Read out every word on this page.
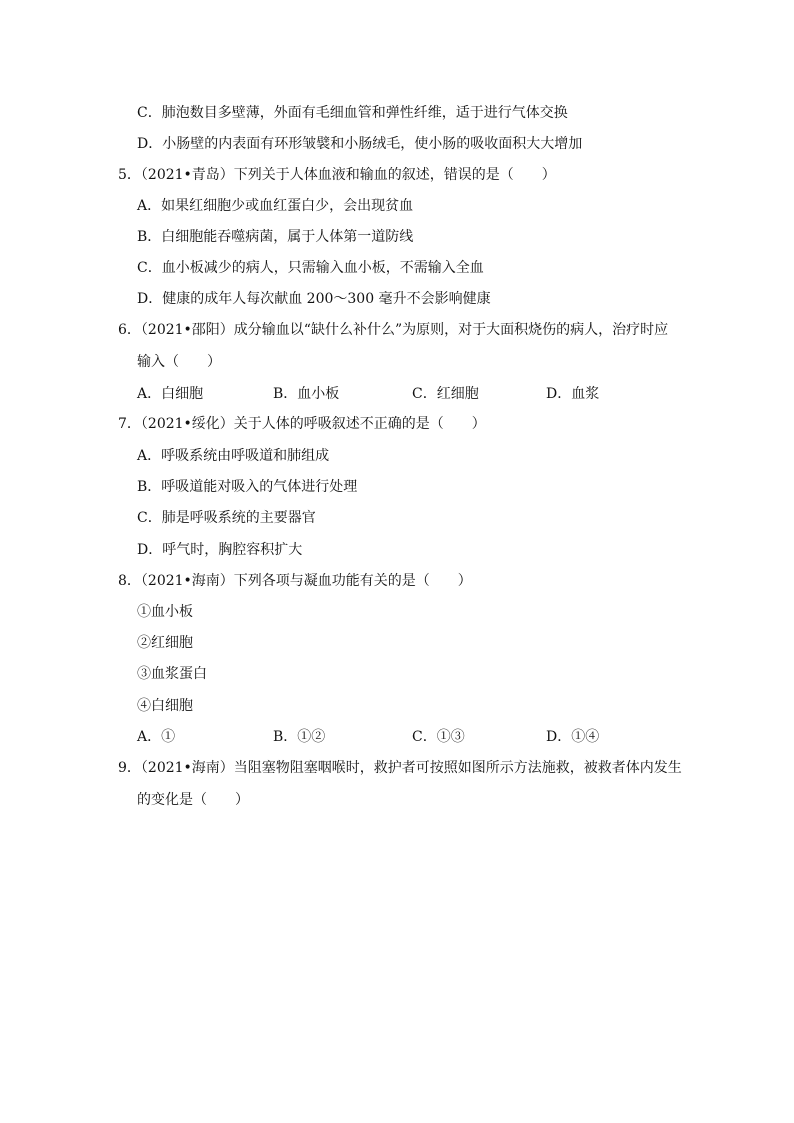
C．肺泡数目多壁薄，外面有毛细血管和弹性纤维，适于进行气体交换
D．小肠壁的内表面有环形皱襞和小肠绒毛，使小肠的吸收面积大大增加
5．（2021•青岛）下列关于人体血液和输血的叙述，错误的是（　　）
A．如果红细胞少或血红蛋白少，会出现贫血
B．白细胞能吞噬病菌，属于人体第一道防线
C．血小板减少的病人，只需输入血小板，不需输入全血
D．健康的成年人每次献血 200～300 毫升不会影响健康
6．（2021•邵阳）成分输血以“缺什么补什么”为原则，对于大面积烧伤的病人，治疗时应
输入（　　）
A．白细胞	B．血小板	C．红细胞	D．血浆
7．（2021•绥化）关于人体的呼吸叙述不正确的是（　　）
A．呼吸系统由呼吸道和肺组成
B．呼吸道能对吸入的气体进行处理
C．肺是呼吸系统的主要器官
D．呼气时，胸腔容积扩大
8．（2021•海南）下列各项与凝血功能有关的是（　　）
①血小板
②红细胞
③血浆蛋白
④白细胞
A．①	B．①②	C．①③	D．①④
9．（2021•海南）当阻塞物阻塞咽喉时，救护者可按照如图所示方法施救，被救者体内发生
的变化是（　　）
